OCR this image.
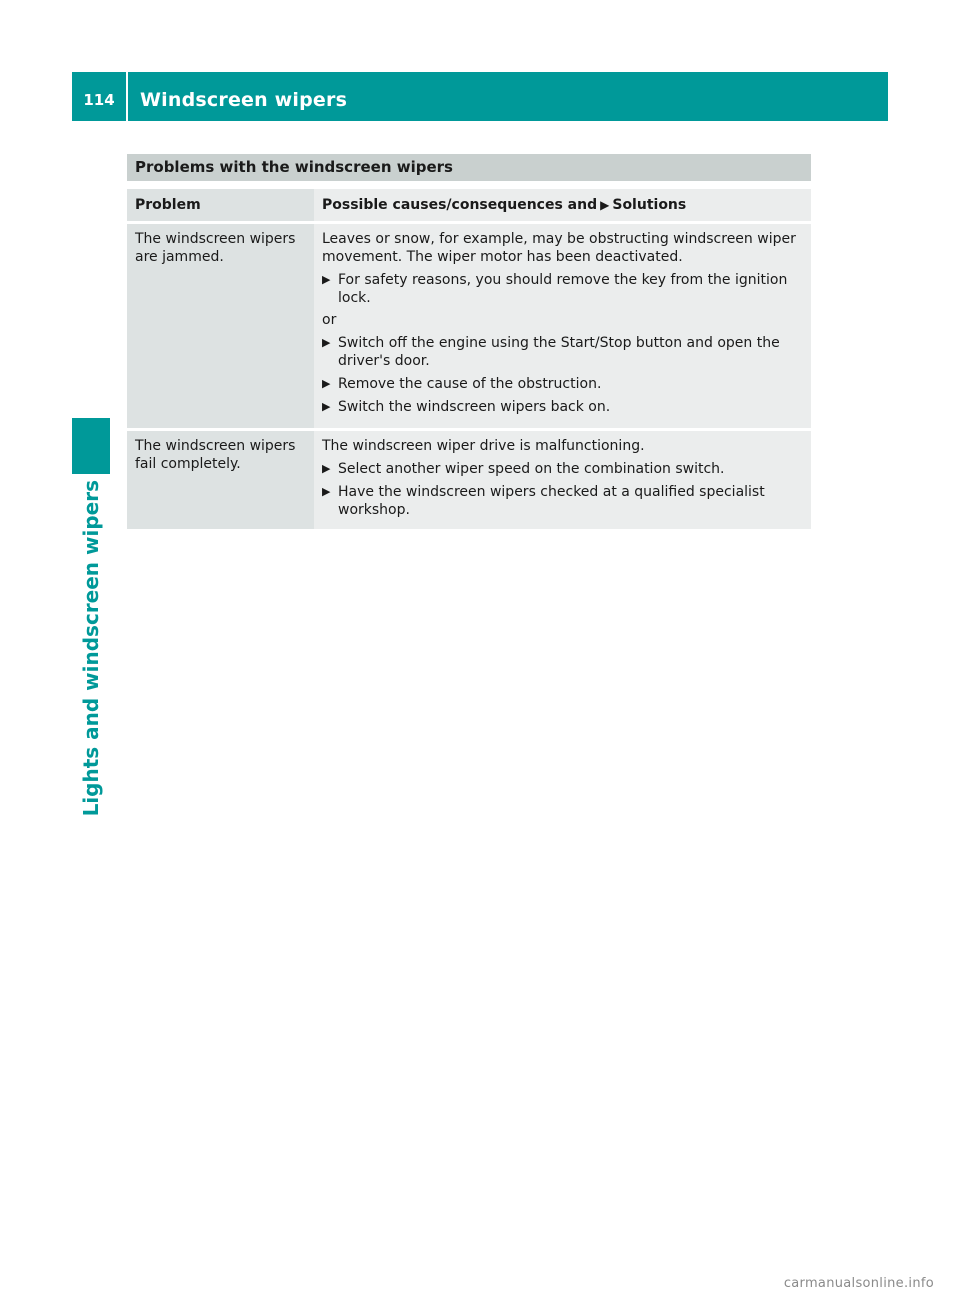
114	Windscreen wipers
Lights and windscreen wipers
Problems with the windscreen wipers
Problem	Possible causes/consequences and ▶ Solutions
The windscreen wipers are jammed.
Leaves or snow, for example, may be obstructing windscreen wiper movement. The wiper motor has been deactivated.
▶ For safety reasons, you should remove the key from the ignition lock.
or
▶ Switch off the engine using the Start/Stop button and open the driver's door.
▶ Remove the cause of the obstruction.
▶ Switch the windscreen wipers back on.
The windscreen wipers fail completely.
The windscreen wiper drive is malfunctioning.
▶ Select another wiper speed on the combination switch.
▶ Have the windscreen wipers checked at a qualified specialist workshop.
carmanualsonline.info
